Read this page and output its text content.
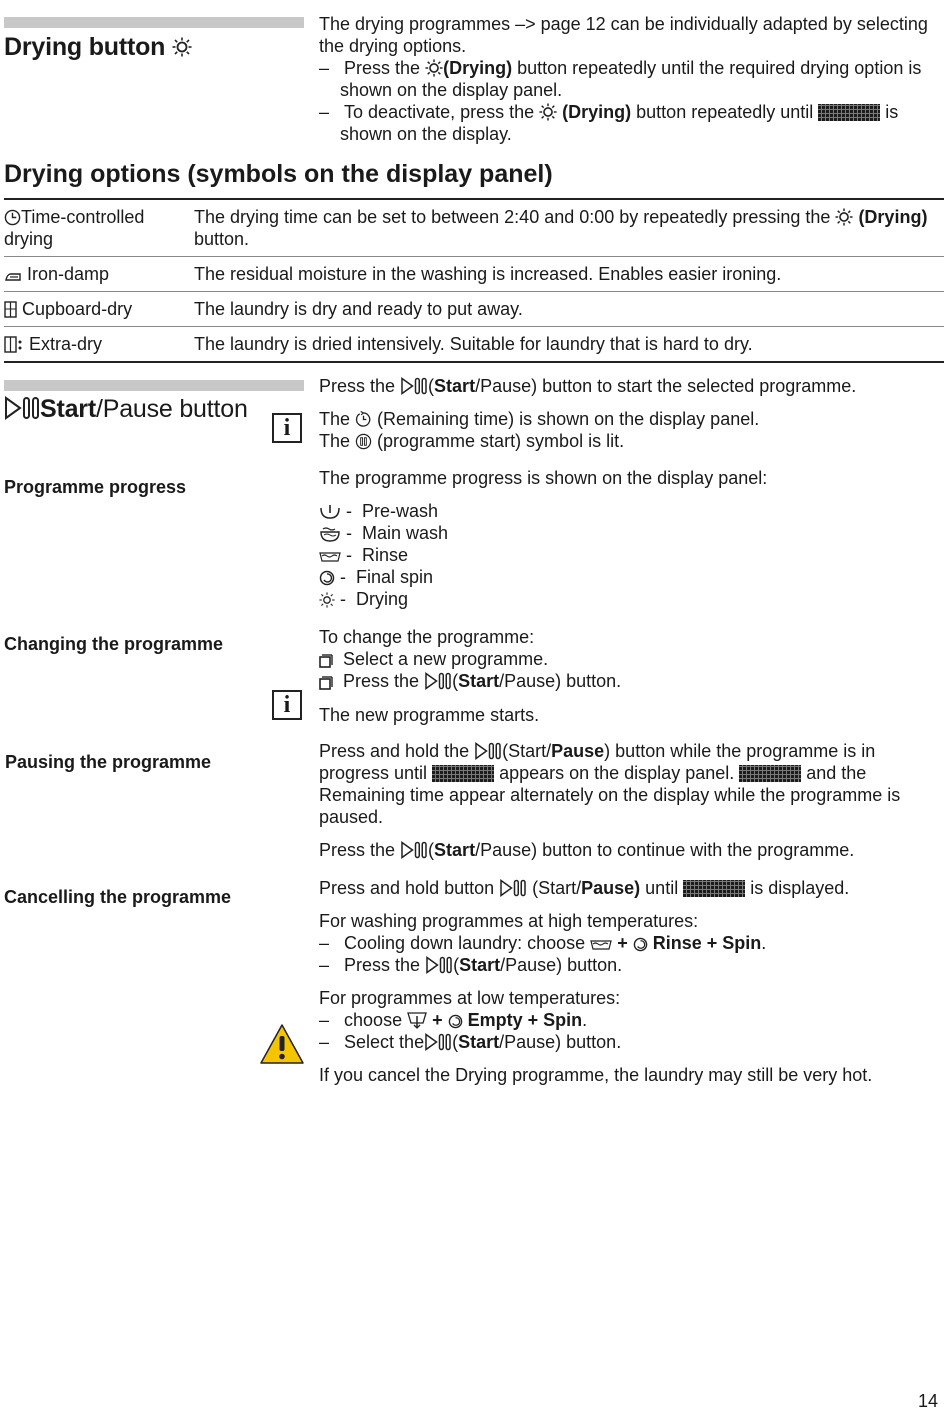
Drying button

The drying programmes –> page 12 can be individually adapted by selecting the drying options.

– Press the (Drying) button repeatedly until the required drying option is shown on the display panel.

– To deactivate, press the  (Drying) button repeatedly until	is shown on the display.

Drying options (symbols on the display panel)
Time-controlled drying	The drying time can be set to between 2:40 and 0:00 by repeatedly pressing the  (Drying) button.
Iron-damp	The residual moisture in the washing is increased. Enables easier ironing.
Cupboard-dry	The laundry is dry and ready to put away.
Extra-dry	The laundry is dried intensively. Suitable for laundry that is hard to dry.
Start/Pause button

Press the (Start/Pause) button to start the selected programme.

i	The  (Remaining time) is shown on the display panel.

The  (programme start) symbol is lit.

Programme progress	The programme progress is shown on the display panel:

-  Pre-wash

-  Main wash

-  Rinse

-  Final spin

-  Drying

Changing the programme	To change the programme:

Select a new programme.

Press the (Start/Pause) button.

i	The new programme starts.
Pausing the programme

Press and hold the (Start/Pause) button while the programme is in progress until	appears on the display panel.	and the Remaining time appear alternately on the display while the programme is paused.

Press the (Start/Pause) button to continue with the programme.

Cancelling the programme	Press and hold button  (Start/Pause) until	is displayed.

For washing programmes at high temperatures:

– Cooling down laundry: choose  + Rinse + Spin.

– Press the (Start/Pause) button.

For programmes at low temperatures:

– choose  + Empty + Spin.

– Select the (Start/Pause) button.

If you cancel the Drying programme, the laundry may still be very hot.

14
